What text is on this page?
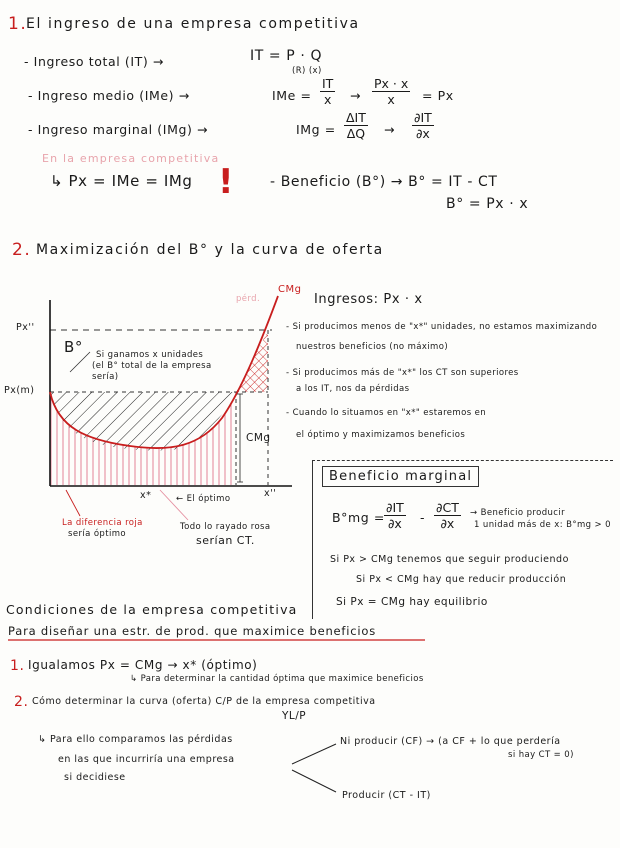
1.
El ingreso de una empresa competitiva
- Ingreso total (IT) →	IT = P · Q
(R) (x)
- Ingreso medio (IMe) →	IMe = $\frac{IT}{x} \to \frac{Px \cdot x}{x} = Px$
- Ingreso marginal (IMg) →	IMg =
ΔIT
$\Delta Q \to \frac{\partial IT}{\partial x}$
En la empresa competitiva
↳ Px = IMe = IMg !	- Beneficio (B°) → B° = IT - CT
B° = Px · x
2. Maximización del B° y la curva de oferta
CMg
Px''
Px(m)
B° Si ganamos x unidades
(el B° total de la empresa
sería)
pérd.
CMg
x*	x''
← El óptimo
La diferencia roja
sería óptimo
Todo lo rayado rosa
serían CT.
Ingresos: Px · x
- Si producimos menos de "x*" unidades, no estamos maximizando
nuestros beneficios (no máximo)
- Si producimos más de "x*" los CT son superiores
a los IT, nos da pérdidas
- Cuando lo situamos en "x*" estaremos en
el óptimo y maximizamos beneficios
Beneficio marginal
$B^\circ mg = \frac{\partial IT}{\partial x} - \frac{\partial CT}{\partial x}$ → Beneficio producir
1 unidad más de x: B°mg > 0
Si Px > CMg tenemos que seguir produciendo
Si Px < CMg hay que reducir producción
Si Px = CMg hay equilibrio
Condiciones de la empresa competitiva
Para diseñar una estr. de prod. que maximice beneficios
1. Igualamos Px = CMg → x* (óptimo)
↳ Para determinar la cantidad óptima que maximice beneficios
2. Cómo determinar la curva (oferta) C/P de la empresa competitiva
YL/P
↳ Para ello comparamos las pérdidas
en las que incurriría una empresa
si decidiese
Ni producir (CF) → (a CF + lo que perdería
si hay CT = 0)
Producir (CT - IT)
